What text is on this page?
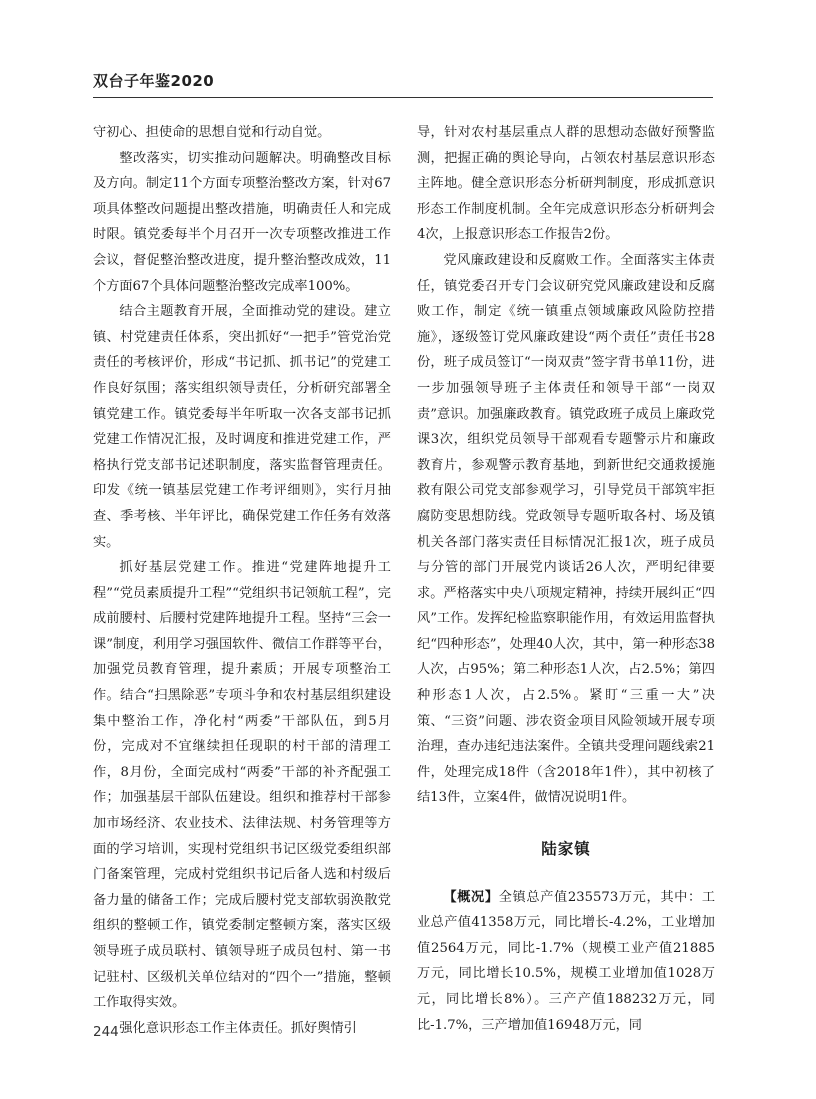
双台子年鉴2020

守初心、担使命的思想自觉和行动自觉。

整改落实，切实推动问题解决。明确整改目标及方向。制定11个方面专项整治整改方案，针对67项具体整改问题提出整改措施，明确责任人和完成时限。镇党委每半个月召开一次专项整改推进工作会议，督促整治整改进度，提升整治整改成效，11个方面67个具体问题整治整改完成率100%。

结合主题教育开展，全面推动党的建设。建立镇、村党建责任体系，突出抓好“一把手”管党治党责任的考核评价，形成“书记抓、抓书记”的党建工作良好氛围；落实组织领导责任，分析研究部署全镇党建工作。镇党委每半年听取一次各支部书记抓党建工作情况汇报，及时调度和推进党建工作，严格执行党支部书记述职制度，落实监督管理责任。印发《统一镇基层党建工作考评细则》，实行月抽查、季考核、半年评比，确保党建工作任务有效落实。

抓好基层党建工作。推进“党建阵地提升工程”“党员素质提升工程”“党组织书记领航工程”，完成前腰村、后腰村党建阵地提升工程。坚持“三会一课”制度，利用学习强国软件、微信工作群等平台，加强党员教育管理，提升素质；开展专项整治工作。结合“扫黑除恶”专项斗争和农村基层组织建设集中整治工作，净化村“两委”干部队伍，到5月份，完成对不宜继续担任现职的村干部的清理工作，8月份，全面完成村“两委”干部的补齐配强工作；加强基层干部队伍建设。组织和推荐村干部参加市场经济、农业技术、法律法规、村务管理等方面的学习培训，实现村党组织书记区级党委组织部门备案管理，完成村党组织书记后备人选和村级后备力量的储备工作；完成后腰村党支部软弱涣散党组织的整顿工作，镇党委制定整顿方案，落实区级领导班子成员联村、镇领导班子成员包村、第一书记驻村、区级机关单位结对的“四个一”措施，整顿工作取得实效。

强化意识形态工作主体责任。抓好舆情引

导，针对农村基层重点人群的思想动态做好预警监测，把握正确的舆论导向，占领农村基层意识形态主阵地。健全意识形态分析研判制度，形成抓意识形态工作制度机制。全年完成意识形态分析研判会4次，上报意识形态工作报告2份。

党风廉政建设和反腐败工作。全面落实主体责任，镇党委召开专门会议研究党风廉政建设和反腐败工作，制定《统一镇重点领域廉政风险防控措施》，逐级签订党风廉政建设“两个责任”责任书28份，班子成员签订“一岗双责”签字背书单11份，进一步加强领导班子主体责任和领导干部“一岗双责”意识。加强廉政教育。镇党政班子成员上廉政党课3次，组织党员领导干部观看专题警示片和廉政教育片，参观警示教育基地，到新世纪交通救援施救有限公司党支部参观学习，引导党员干部筑牢拒腐防变思想防线。党政领导专题听取各村、场及镇机关各部门落实责任目标情况汇报1次，班子成员与分管的部门开展党内谈话26人次，严明纪律要求。严格落实中央八项规定精神，持续开展纠正“四风”工作。发挥纪检监察职能作用，有效运用监督执纪“四种形态”，处理40人次，其中，第一种形态38人次，占95%；第二种形态1人次，占2.5%；第四种形态1人次，占2.5%。紧盯“三重一大”决策、“三资”问题、涉农资金项目风险领域开展专项治理，查办违纪违法案件。全镇共受理问题线索21件，处理完成18件（含2018年1件），其中初核了结13件，立案4件，做情况说明1件。

陆家镇

【概况】全镇总产值235573万元，其中：工业总产值41358万元，同比增长-4.2%，工业增加值2564万元，同比-1.7%（规模工业产值21885万元，同比增长10.5%，规模工业增加值1028万元，同比增长8%）。三产产值188232万元，同比-1.7%，三产增加值16948万元，同

244
